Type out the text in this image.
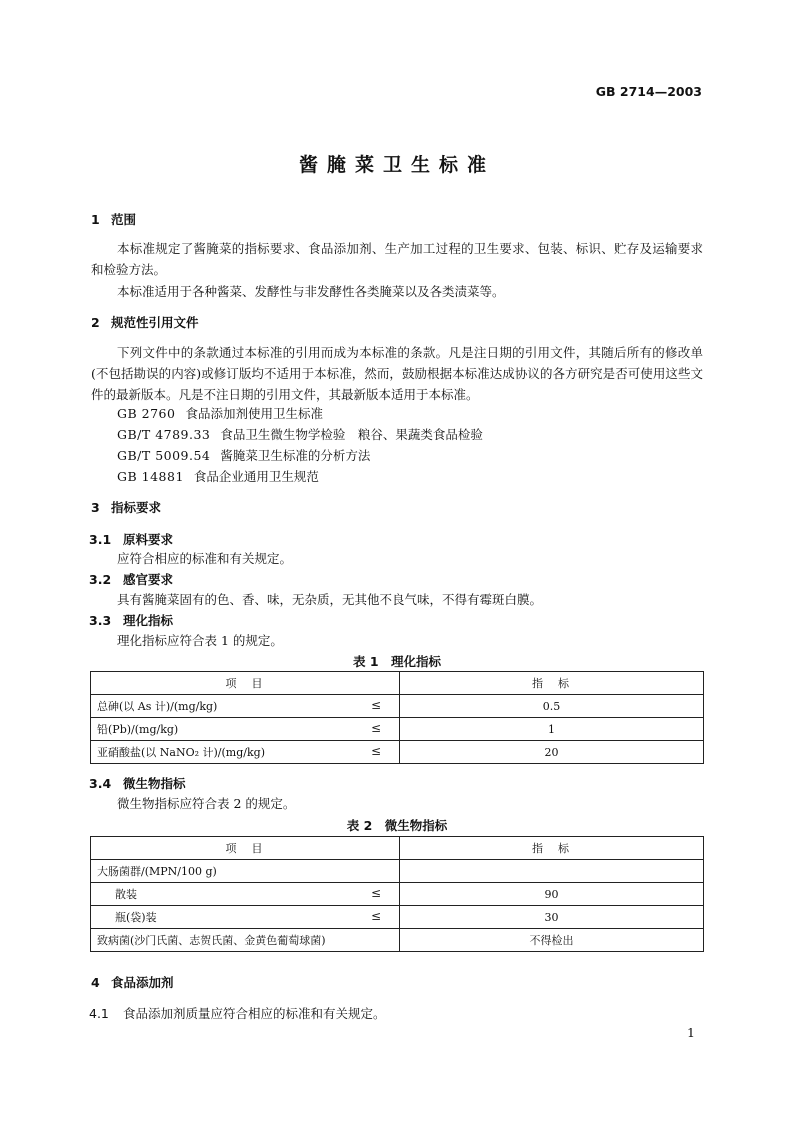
GB 2714—2003
酱腌菜卫生标准
1 范围

本标准规定了酱腌菜的指标要求、食品添加剂、生产加工过程的卫生要求、包装、标识、贮存及运输要求和检验方法。

本标准适用于各种酱菜、发酵性与非发酵性各类腌菜以及各类渍菜等。

2 规范性引用文件

下列文件中的条款通过本标准的引用而成为本标准的条款。凡是注日期的引用文件，其随后所有的修改单(不包括勘误的内容)或修订版均不适用于本标准，然而，鼓励根据本标准达成协议的各方研究是否可使用这些文件的最新版本。凡是不注日期的引用文件，其最新版本适用于本标准。

GB 2760 食品添加剂使用卫生标准
GB/T 4789.33 食品卫生微生物学检验　粮谷、果蔬类食品检验
GB/T 5009.54 酱腌菜卫生标准的分析方法
GB 14881 食品企业通用卫生规范
3 指标要求
3.1 原料要求
应符合相应的标准和有关规定。
3.2 感官要求
具有酱腌菜固有的色、香、味，无杂质，无其他不良气味，不得有霉斑白膜。
3.3 理化指标
理化指标应符合表 1 的规定。
表 1　理化指标
项　目	指　标
总砷(以 As 计)/(mg/kg) ≤	0.5
铅(Pb)/(mg/kg) ≤	1
亚硝酸盐(以 NaNO₂ 计)/(mg/kg) ≤	20
3.4 微生物指标
微生物指标应符合表 2 的规定。
表 2　微生物指标
项　目	指　标
大肠菌群/(MPN/100 g)	
散装 ≤	90
瓶(袋)装 ≤	30
致病菌(沙门氏菌、志贺氏菌、金黄色葡萄球菌)	不得检出
4 食品添加剂
4.1 食品添加剂质量应符合相应的标准和有关规定。
1
